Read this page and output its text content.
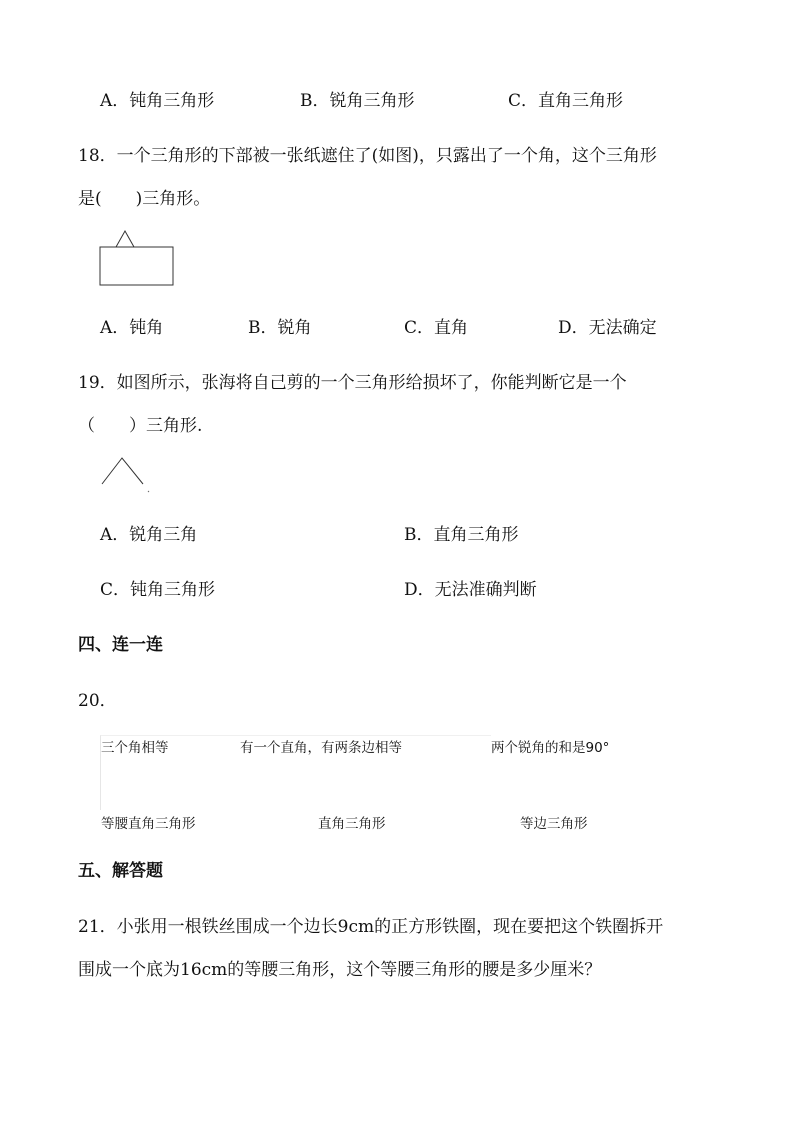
A．钝角三角形	B．锐角三角形	C．直角三角形
18．一个三角形的下部被一张纸遮住了(如图)，只露出了一个角，这个三角形
是(　　)三角形。
A．钝角	B．锐角	C．直角	D．无法确定
19．如图所示，张海将自己剪的一个三角形给损坏了，你能判断它是一个
（　　）三角形.
A．锐角三角	B．直角三角形
C．钝角三角形	D．无法准确判断
四、连一连
20．
三个角相等	有一个直角，有两条边相等	两个锐角的和是90°
等腰直角三角形	直角三角形	等边三角形
五、解答题
21．小张用一根铁丝围成一个边长9cm的正方形铁圈，现在要把这个铁圈拆开
围成一个底为16cm的等腰三角形，这个等腰三角形的腰是多少厘米？
